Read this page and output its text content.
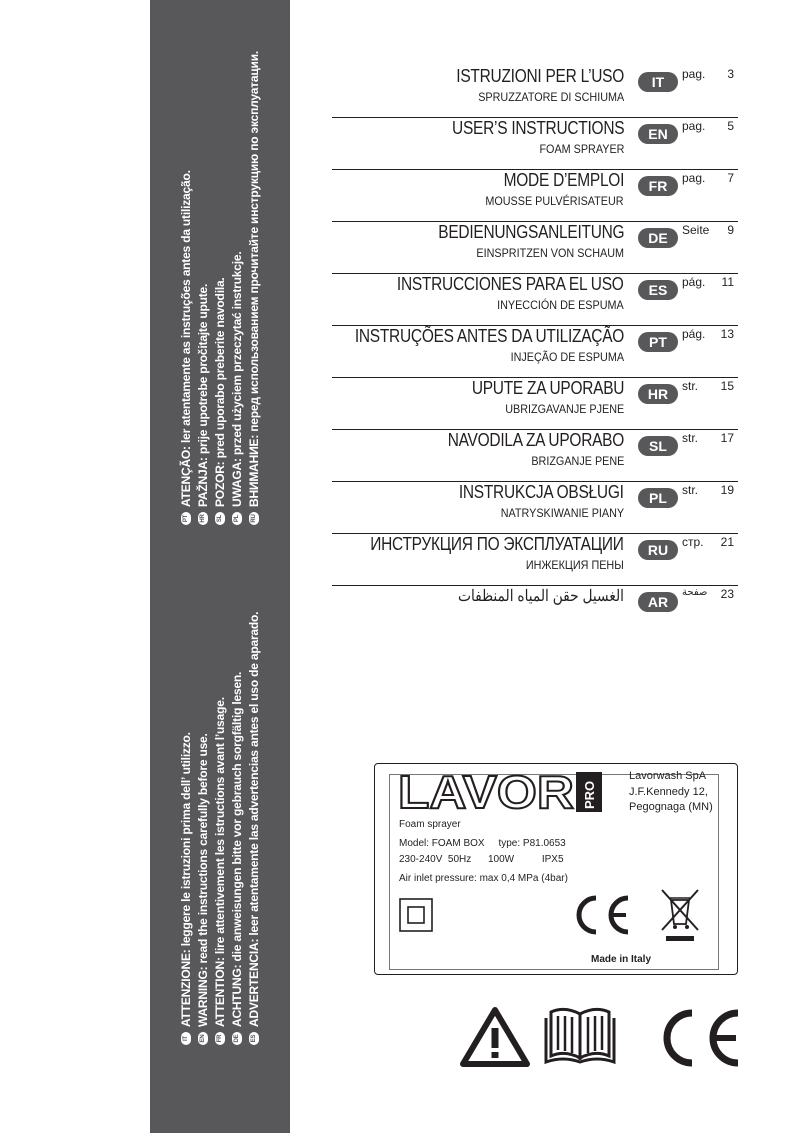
IT
ATTENZIONE: leggere le istruzioni prima dell’ utilizzo.
EN
WARNING: read the instructions carefully before use.
FR
ATTENTION: lire attentivement les istructions avant l’usage.
DE
ACHTUNG: die anweisungen bitte vor gebrauch sorgfältig lesen.
ES
ADVERTENCIA: leer atentamente las advertencias antes el uso de aparado.
PT
ATENÇÃO: ler atentamente as instruções antes da utilização.
HR
PAŽNJA: prije upotrebe pročitajte upute.
SL
POZOR: pred uporabo preberite navodila.
PL
UWAGA: przed użyciem przeczytać instrukcje.
RU
ВНИМАНИЕ: перед использованием прочитайте инструкцию по эксплуатации.	ISTRUZIONI PER L’USO
SPRUZZATORE DI SCHIUMA
IT	pag. 3
USER’S INSTRUCTIONS
FOAM SPRAYER
EN	pag. 5
MODE D’EMPLOI
MOUSSE PULVÉRISATEUR
FR	pag. 7
BEDIENUNGSANLEITUNG
EINSPRITZEN VON SCHAUM
DE	Seite 9
INSTRUCCIONES PARA EL USO
INYECCIÓN DE ESPUMA
ES	pág. 11
INSTRUÇÕES ANTES DA UTILIZAÇÃO
INJEÇÃO DE ESPUMA
PT	pág. 13
UPUTE ZA UPORABU
UBRIZGAVANJE PJENE
HR	str. 15
NAVODILA ZA UPORABO
BRIZGANJE PENE
SL	str. 17
INSTRUKCJA OBSŁUGI
NATRYSKIWANIE PIANY
PL	str. 19
ИНСТРУКЦИЯ ПО ЭКСПЛУАТАЦИИ
ИНЖЕКЦИЯ ПЕНЫ
RU	стр. 21
الغسيل حقن المياه المنظفات	AR
صفحة 23
LAVOR PRO
Lavorwash SpA
J.F.Kennedy 12,
Pegognaga (MN)
Foam sprayer
Model: FOAM BOX     type: P81.0653
230-240V  50Hz      100W          IPX5
Air inlet pressure: max 0,4 MPa (4bar)
Made in Italy
